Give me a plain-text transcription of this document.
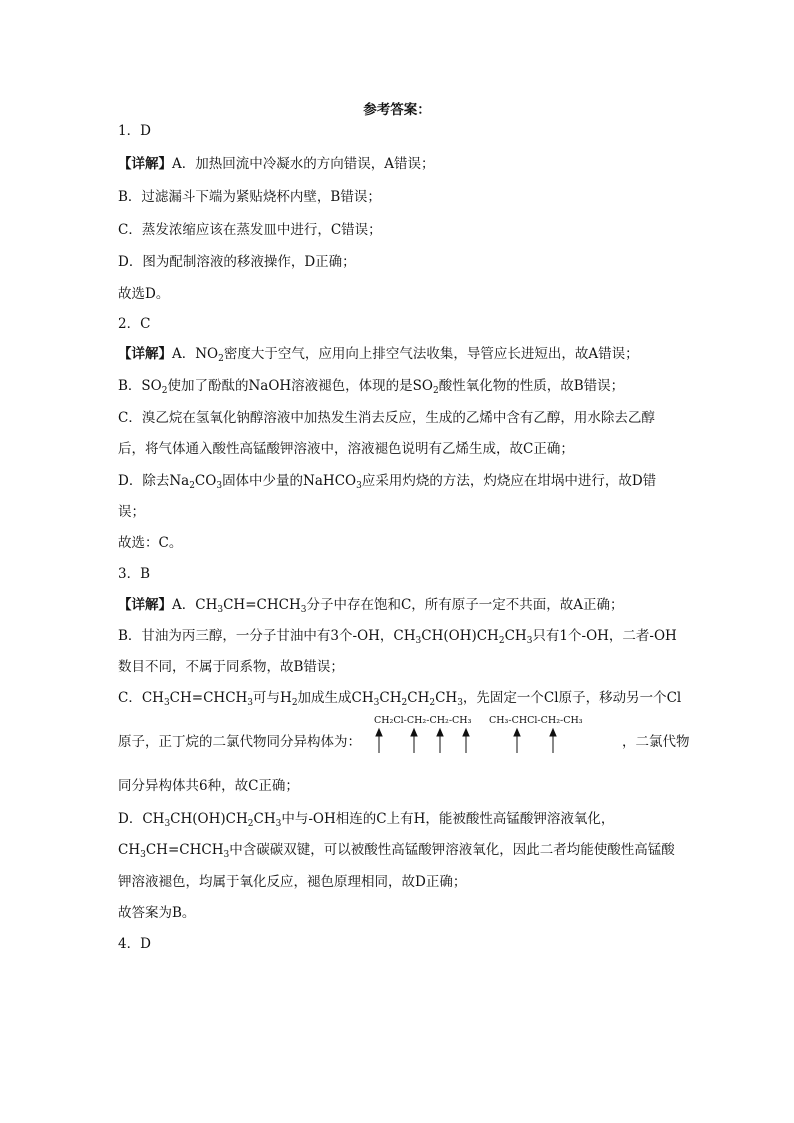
参考答案：
1．D
【详解】A．加热回流中冷凝水的方向错误，A错误；
B．过滤漏斗下端为紧贴烧杯内壁，B错误；
C．蒸发浓缩应该在蒸发皿中进行，C错误；
D．图为配制溶液的移液操作，D正确；
故选D。
2．C
【详解】A．$NO_2$密度大于空气，应用向上排空气法收集，导管应长进短出，故A错误；
B．$SO_2$使加了酚酞的NaOH溶液褪色，体现的是$SO_2$酸性氧化物的性质，故B错误；
C．溴乙烷在氢氧化钠醇溶液中加热发生消去反应，生成的乙烯中含有乙醇，用水除去乙醇
后，将气体通入酸性高锰酸钾溶液中，溶液褪色说明有乙烯生成，故C正确；
D．除去$Na_2CO_3$固体中少量的NaHCO$_3$应采用灼烧的方法，灼烧应在坩埚中进行，故D错
误；
故选：C。
3．B
【详解】A．$CH_3CH=CHCH_3$分子中存在饱和C，所有原子一定不共面，故A正确；
B．甘油为丙三醇，一分子甘油中有3个-OH，$CH_3CH(OH)CH_2CH_3$只有1个-OH，二者-OH
数目不同，不属于同系物，故B错误；
C．$CH_3CH=CHCH_3$可与$H_2$加成生成$CH_3CH_2CH_2CH_3$，先固定一个Cl原子，移动另一个Cl
原子，正丁烷的二氯代物同分异构体为：
CH₂Cl-CH₂-CH₂-CH₃ CH₃-CHCl-CH₂-CH₃
，二氯代物
同分异构体共6种，故C正确；
D．$CH_3CH(OH)CH_2CH_3$中与-OH相连的C上有H，能被酸性高锰酸钾溶液氧化，
$CH_3CH=CHCH_3$中含碳碳双键，可以被酸性高锰酸钾溶液氧化，因此二者均能使酸性高锰酸
钾溶液褪色，均属于氧化反应，褪色原理相同，故D正确；
故答案为B。
4．D
